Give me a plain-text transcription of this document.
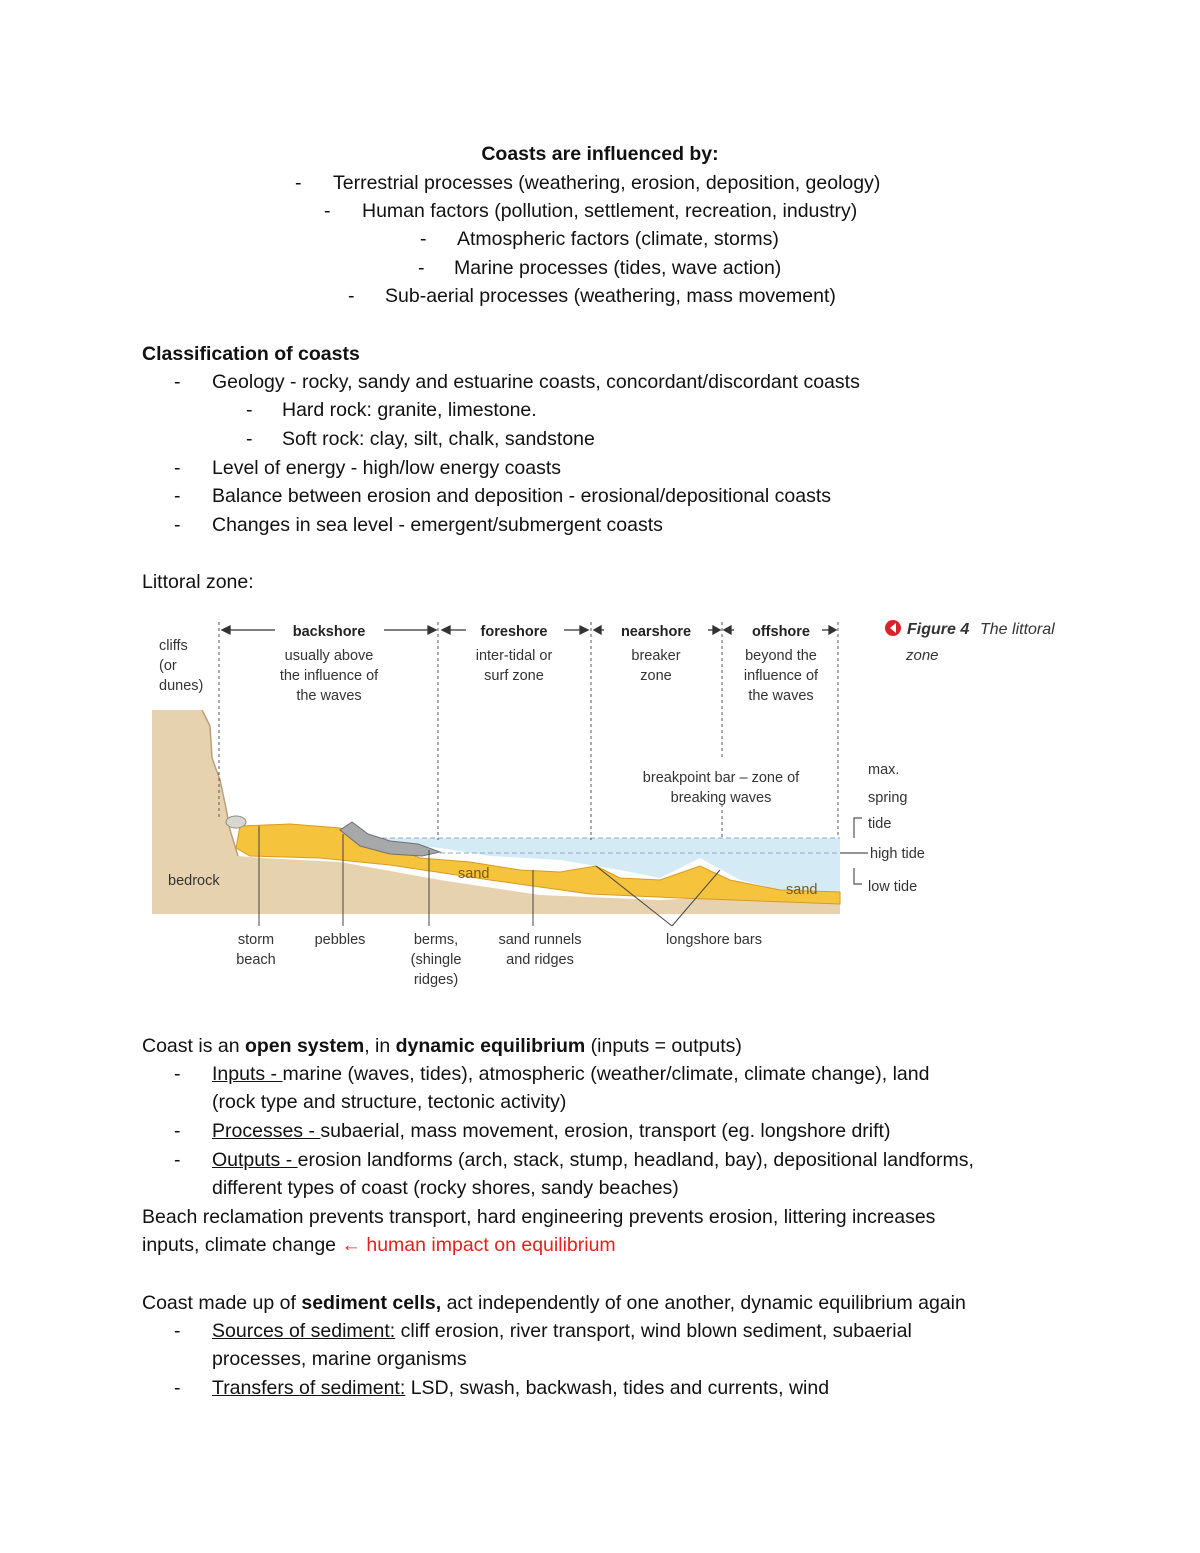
Coasts are influenced by:
- Terrestrial processes (weathering, erosion, deposition, geology)
- Human factors (pollution, settlement, recreation, industry)
- Atmospheric factors (climate, storms)
- Marine processes (tides, wave action)
- Sub-aerial processes (weathering, mass movement)
Classification of coasts
- Geology - rocky, sandy and estuarine coasts, concordant/discordant coasts
- Hard rock: granite, limestone.
- Soft rock: clay, silt, chalk, sandstone
- Level of energy - high/low energy coasts
- Balance between erosion and deposition - erosional/depositional coasts
- Changes in sea level - emergent/submergent coasts
Littoral zone:
cliffs
(or
dunes)
backshore
usually above
the influence of
the waves
foreshore
inter-tidal or
surf zone
nearshore
breaker
zone
offshore
beyond the
influence of
the waves
breakpoint bar – zone of
breaking waves
max.
spring
tide
high tide
low tide
bedrock	sand
sand
storm
beach
pebbles	berms,
(shingle
ridges)
sand runnels
and ridges
longshore bars
Figure 4 The littoral
zone
Coast is an open system, in dynamic equilibrium (inputs = outputs)
- Inputs - marine (waves, tides), atmospheric (weather/climate, climate change), land
(rock type and structure, tectonic activity)
- Processes - subaerial, mass movement, erosion, transport (eg. longshore drift)
- Outputs - erosion landforms (arch, stack, stump, headland, bay), depositional landforms,
different types of coast (rocky shores, sandy beaches)
Beach reclamation prevents transport, hard engineering prevents erosion, littering increases
inputs, climate change ← human impact on equilibrium
Coast made up of sediment cells, act independently of one another, dynamic equilibrium again
- Sources of sediment: cliff erosion, river transport, wind blown sediment, subaerial
processes, marine organisms
- Transfers of sediment: LSD, swash, backwash, tides and currents, wind
